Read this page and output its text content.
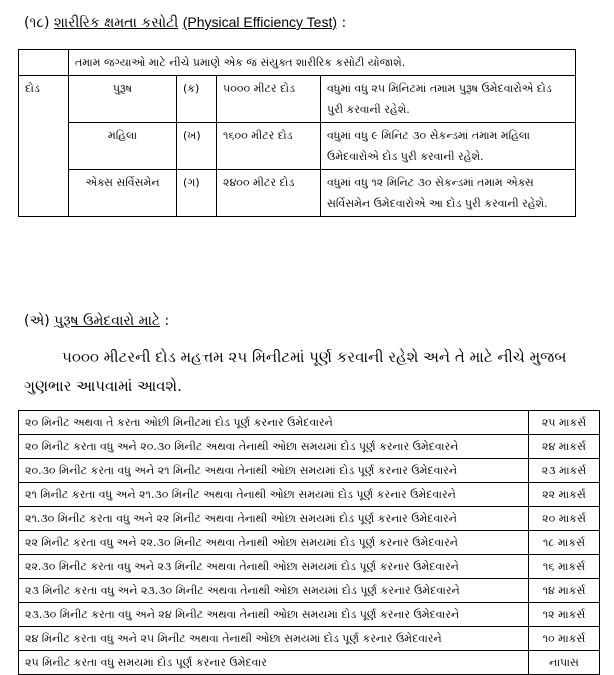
(૧૮) શારીરિક ક્ષમતા કસોટી (Physical Efficiency Test) :
	તમામ જગ્યાઓ માટે નીચે પ્રમાણે એક જ સંયુક્ત શારીરિક કસોટી યોજાશે.			
દોડ	પુરૂષ	(ક)	૫૦૦૦ મીટર દોડ	વધુમાં વધુ ૨૫ મિનિટમાં તમામ પુરૂષ ઉમેદવારોએ દોડ પુરી કરવાની રહેશે.
	મહિલા	(ખ)	૧૬૦૦ મીટર દોડ	વધુમાં વધુ ૯ મિનિટ ૩૦ સેકન્ડમાં તમામ મહિલા ઉમેદવારોએ દોડ પુરી કરવાની રહેશે.
	એક્સ સર્વિસમેન	(ગ)	૨૪૦૦ મીટર દોડ	વધુમાં વધુ ૧૨ મિનિટ ૩૦ સેકન્ડમાં તમામ એક્સ સર્વિસમેન ઉમેદવારોએ આ દોડ પુરી કરવાની રહેશે.
(એ) પુરૂષ ઉમેદવારો માટે :
૫૦૦૦ મીટરની દોડ મહત્તમ ૨૫ મિનીટમાં પૂર્ણ કરવાની રહેશે અને તે માટે નીચે મુજબ ગુણભાર આપવામાં આવશે.
૨૦ મિનીટ અથવા તે કરતા ઓછી મિનીટમાં દોડ પૂર્ણ કરનાર ઉમેદવારને	૨૫ માકર્સ
૨૦ મિનીટ કરતા વધુ અને ૨૦.૩૦ મિનીટ અથવા તેનાથી ઓછા સમયમાં દોડ પૂર્ણ કરનાર ઉમેદવારને	૨૪ માકર્સ
૨૦.૩૦ મિનીટ કરતા વધુ અને ૨૧ મિનીટ અથવા તેનાથી ઓછા સમયમાં દોડ પૂર્ણ કરનાર ઉમેદવારને	૨૩ માકર્સ
૨૧ મિનીટ કરતા વધુ અને ૨૧.૩૦ મિનીટ અથવા તેનાથી ઓછા સમયમાં દોડ પૂર્ણ કરનાર ઉમેદવારને	૨૨ માકર્સ
૨૧.૩૦ મિનીટ કરતા વધુ અને ૨૨ મિનીટ અથવા તેનાથી ઓછા સમયમાં દોડ પૂર્ણ કરનાર ઉમેદવારને	૨૦ માકર્સ
૨૨ મિનીટ કરતા વધુ અને ૨૨.૩૦ મિનીટ અથવા તેનાથી ઓછા સમયમાં દોડ પૂર્ણ કરનાર ઉમેદવારને	૧૮ માકર્સ
૨૨.૩૦ મિનીટ કરતા વધુ અને ૨૩ મિનીટ અથવા તેનાથી ઓછા સમયમાં દોડ પૂર્ણ કરનાર ઉમેદવારને	૧૬ માકર્સ
૨૩ મિનીટ કરતા વધુ અને ૨૩.૩૦ મિનીટ અથવા તેનાથી ઓછા સમયમાં દોડ પૂર્ણ કરનાર ઉમેદવારને	૧૪ માકર્સ
૨૩.૩૦ મિનીટ કરતા વધુ અને ૨૪ મિનીટ અથવા તેનાથી ઓછા સમયમાં દોડ પૂર્ણ કરનાર ઉમેદવારને	૧૨ માકર્સ
૨૪ મિનીટ કરતા વધુ અને ૨૫ મિનીટ અથવા તેનાથી ઓછા સમયમાં દોડ પૂર્ણ કરનાર ઉમેદવારને	૧૦ માકર્સ
૨૫ મિનીટ કરતા વધુ સમયમાં દોડ પૂર્ણ કરનાર ઉમેદવાર	નાપાસ
